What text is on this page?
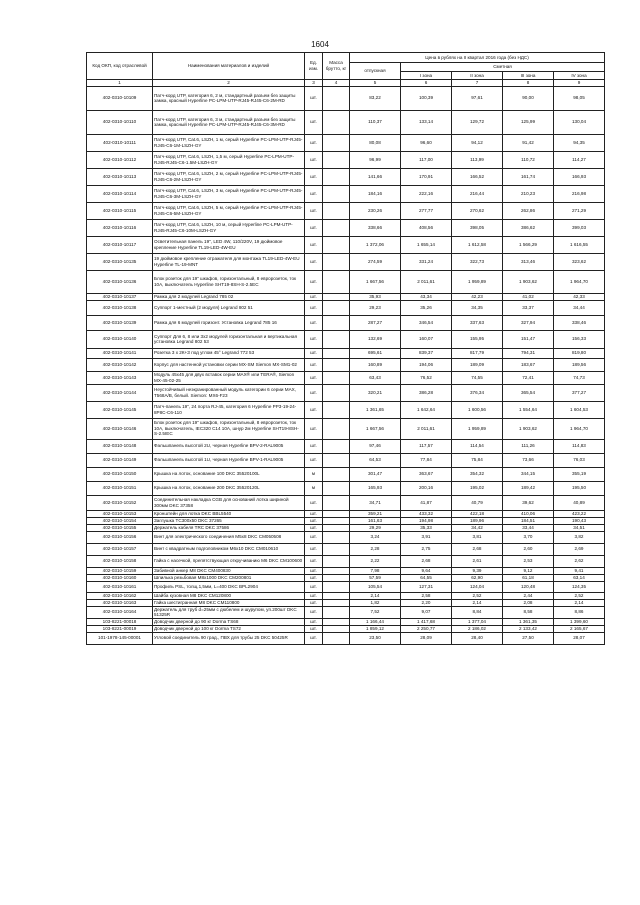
1604
Код ОКП, код отраслевой	Наименования материалов и изделий	Ед. изм.	Масса брутто, кг	Цена в рублях на II квартал 2016 года (без НДС)				
				отпускная	Сметная			
					I зона	II зона	III зона	IV зона
1	2	3	4	5	6	7	8	9
402-0310-10109	Патч-корд UTP, категория 6, 2 м, стандартный разъем без защиты замка, красный Hyperline PC-LPM-UTP-RJ45-RJ45-C6-2M-RD	шт.		83,22	100,39	97,61	90,00	98,05
402-0310-10110	Патч-корд UTP, категория 6, 3 м, стандартный разъем без защиты замка, красный Hyperline PC-LPM-UTP-RJ45-RJ45-C6-3M-RD	шт.		110,37	133,14	129,72	125,99	130,04
402-0310-10111	Патч-корд UTP, Cat.6, LSZH, 1 м, серый Hyperline PC-LPM-UTP-RJ45-RJ45-C6-1M-LSZH-GY	шт.		80,08	96,60	94,12	91,42	94,35
402-0310-10112	Патч-корд UTP, Cat.6, LSZH, 1,5 м, серый Hyperline PC-LPM-UTP-RJ45-RJ45-C6-1.5M-LSZH-GY	шт.		96,99	117,00	113,99	110,72	114,27
402-0310-10113	Патч-корд UTP, Cat.6, LSZH, 2 м, серый Hyperline PC-LPM-UTP-RJ45-RJ45-C6-2M-LSZH-GY	шт.		141,66	170,91	166,52	161,74	166,93
402-0310-10114	Патч-корд UTP, Cat.6, LSZH, 3 м, серый Hyperline PC-LPM-UTP-RJ45-RJ45-C6-3M-LSZH-GY	шт.		184,16	222,16	216,44	210,23	216,98
402-0310-10115	Патч-корд UTP, Cat.6, LSZH, 5 м, серый Hyperline PC-LPM-UTP-RJ45-RJ45-C6-5M-LSZH-GY	шт.		230,26	277,77	270,62	262,86	271,29
402-0310-10116	Патч-корд UTP, Cat.6, LSZH, 10 м, серый Hyperline PC-LPM-UTP-RJ45-RJ45-C6-10M-LSZH-GY	шт.		338,66	408,56	398,05	386,62	399,03
402-0310-10117	Осветительная панель 19", LED 4W, 110/220V, 19 дюймовое крепление Hyperline TL19-LED-4W-EU	шт.		1 372,06	1 655,14	1 612,58	1 566,29	1 616,55
402-0310-10135	19 дюймовое крепление отражателя для монтажа TL19-LED-4W-EU Hyperline TL-19-MNT	шт.		274,59	331,24	322,73	313,46	323,62
402-0310-10136	Блок розеток для 19" шкафов, горизонтальный, 8 евророзеток, ток 10А, выключатель Hyperline SHT19-8SH-S-2.5EC	шт.		1 667,56	2 011,61	1 959,89	1 903,62	1 964,70
402-0310-10137	Рамка для 2 модулей Legrand 785 02	шт.		35,93	43,34	42,23	41,02	42,33
402-0310-10138	Суппорт 1-местный (2 модуля) Legrand 802 51	шт.		29,23	35,26	34,35	33,37	34,44
402-0310-10139	Рамка для 6 модулей горизонт. Установка Legrand 785 16	шт.		287,27	346,54	337,63	327,94	338,46
402-0310-10140	Суппорт Для 6, 8 или 3х2 модулей горизонтальная и вертикальная установка Legrand 802 53	шт.		132,69	160,07	155,95	151,47	156,33
402-0310-10141	Розетка 3 x 2К+З под углом 45° Legrand 772 53	шт.		695,61	839,37	817,79	794,31	819,80
402-0310-10142	Корпус для настенной установки серии MX-SM Siemon MX-SM1-02	шт.		160,89	194,06	189,09	183,67	189,56
402-0310-10143	Модуль 45х45 для двух вставок серии MAX® или TERA®, Siemon MX-45-02-25	шт.		63,43	76,52	74,55	72,41	74,73
402-0310-10144	Неустойчивый неэкранированный модуль категории 6 серии MAX, T568A/B, белый. Siemon: MX6-F23	шт.		320,21	386,28	376,34	365,54	377,27
402-0310-10145	Патч-панель 19", 24 порта RJ-45, категория 6 Hyperline PP3-19-24-8P8C-C6-110	шт.		1 361,65	1 642,64	1 600,56	1 554,64	1 604,53
402-0310-10146	Блок розеток для 19" шкафов, горизонтальный, 8 евророзеток, ток 10А, выключатель, IEC320 C14 10A, шнур 2м Hyperline SHT19-8SH-S-2.5IEC	шт.		1 667,56	2 011,61	1 959,89	1 903,62	1 964,70
402-0310-10148	Фальшпанель высотой 2U, черная Hyperline BPV-2-RAL9005	шт.		97,46	117,57	114,54	111,26	114,83
402-0310-10149	Фальшпанель высотой 1U, черная Hyperline BPV-1-RAL9005	шт.		64,53	77,84	75,84	73,66	76,03
402-0310-10150	Крышка на лоток, основание 100 DKC 35520100L	м		301,47	363,67	354,32	344,15	355,19
402-0310-10151	Крышка на лоток, основание 200 DKC 35520120L	м		165,93	200,16	195,02	189,42	195,50
402-0310-10152	Соединительная накладка CGB для оснований лотка шириной 300мм DKC 37358	шт.		34,71	41,87	40,79	39,62	40,89
402-0310-10153	Кронштейн для лотка DKC BBL5540	шт.		359,21	433,32	422,18	410,06	423,22
402-0310-10154	Заглушка TC300х50 DKC 37265	шт.		161,63	194,98	189,96	184,51	190,43
402-0310-10155	Держатель кабеля TRC DKC 37586	шт.		29,29	35,33	34,42	33,44	34,51
402-0310-10156	Винт для электрического соединения М5х8 DKC CM050508	шт.		3,24	3,91	3,81	3,70	3,82
402-0310-10157	Винт с квадратным подголовником М6х10 DKC CM010610	шт.		2,28	2,75	2,68	2,60	2,69
402-0310-10158	Гайка с насечкой, препятствующая откручиванию М6 DKC CM100600	шт.		2,22	2,68	2,61	2,53	2,62
402-0310-10159	Забивной анкер М8 DKC CM400830	шт.		7,98	9,64	9,39	9,12	9,41
402-0310-10160	Шпилька резьбовая М8х1000 DKC CM200801	шт.		57,59	64,55	62,90	61,18	63,14
402-0310-10161	Профиль PSL, толщ.1,5мм, L=400 DKC BPL2904	шт.		105,54	127,31	124,04	120,48	124,35
402-0310-10162	Шайба кузовная М8 DKC CM120800	шт.		2,14	2,58	2,52	2,44	2,52
402-0310-10163	Гайка шестигранная М8 DKC CM110800	шт.		1,82	2,20	2,14	2,08	2,14
402-0310-10164	Держатель для труб d=25мм с дюбелем и шурупом, уп.200шт DKC 51325R	шт.		7,52	9,07	8,84	8,58	8,86
103-8221-00018	Доводчик дверной до 90 кг Dorma TS68	шт.		1 166,44	1 417,68	1 377,04	1 361,35	1 399,60
103-8221-00019	Доводчик дверной до 100 кг Dorma TS72	шт.		1 859,12	2 250,77	2 186,02	2 133,42	2 165,67
101-1978-145-00001	Угловой соединитель 90 град., ПВХ для трубы 25 DKC 50425R	шт.		23,50	28,09	28,40	27,50	28,07
